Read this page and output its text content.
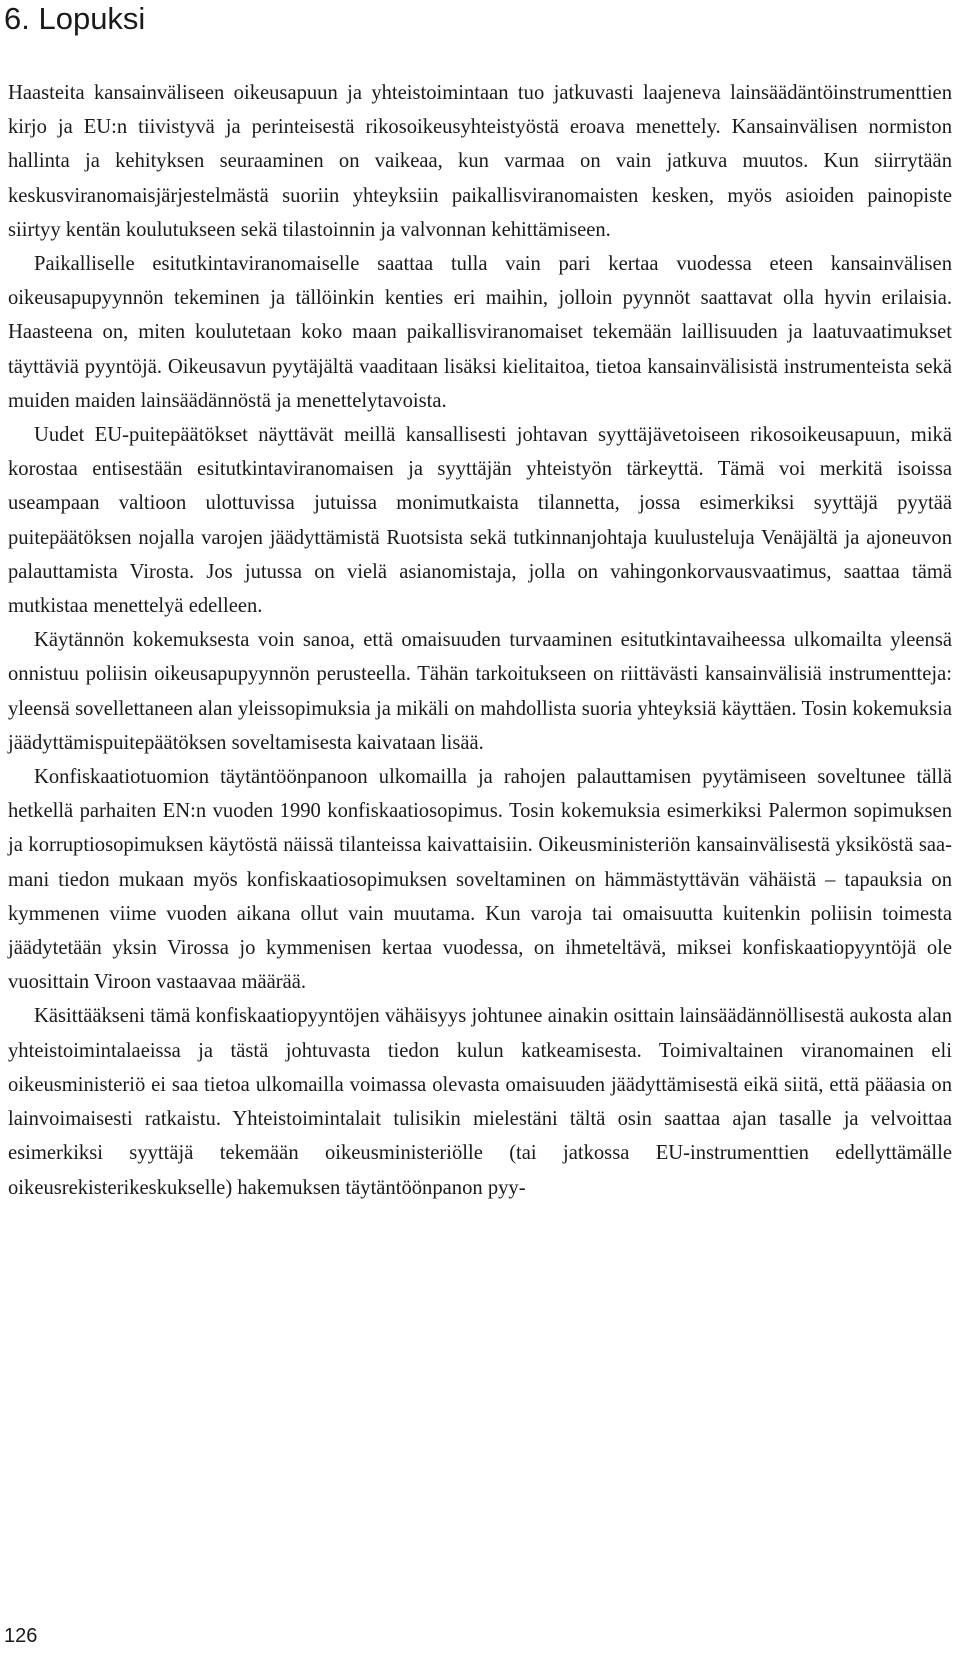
6. Lopuksi

Haasteita kansainväliseen oikeusapuun ja yhteistoimintaan tuo jatkuvasti laajeneva lainsäädäntöinstrumenttien kirjo ja EU:n tiivistyvä ja perinteisestä rikosoikeusyhteistyöstä eroava menettely. Kansainvälisen normiston hallinta ja kehityksen seuraaminen on vaikeaa, kun varmaa on vain jatkuva muutos. Kun siirrytään keskusviranomaisjärjestelmästä suoriin yhteyksiin paikallisviranomaisten kesken, myös asioiden painopiste siirtyy kentän koulutukseen sekä tilastoinnin ja valvonnan kehittämiseen.

Paikalliselle esitutkintaviranomaiselle saattaa tulla vain pari kertaa vuodessa eteen kansainvälisen oikeusapupyynnön tekeminen ja tällöinkin kenties eri maihin, jolloin pyynnöt saattavat olla hyvin erilaisia. Haasteena on, miten koulutetaan koko maan paikallisviranomaiset tekemään laillisuuden ja laatuvaatimukset täyttäviä pyyntöjä. Oikeusavun pyytäjältä vaaditaan lisäksi kielitaitoa, tietoa kansainvälisistä instrumenteista sekä muiden maiden lainsäädännöstä ja menettelytavoista.

Uudet EU-puitepäätökset näyttävät meillä kansallisesti johtavan syyttäjävetoiseen rikosoikeusapuun, mikä korostaa entisestään esitutkintaviranomaisen ja syyttäjän yhteistyön tärkeyttä. Tämä voi merkitä isoissa useampaan valtioon ulottuvissa jutuissa monimutkaista tilannetta, jossa esimerkiksi syyttäjä pyytää puitepäätöksen nojalla varojen jäädyttämistä Ruotsista sekä tutkinnanjohtaja kuulusteluja Venäjältä ja ajoneuvon palauttamista Virosta. Jos jutussa on vielä asianomistaja, jolla on vahingonkorvausvaatimus, saattaa tämä mutkistaa menettelyä edelleen.

Käytännön kokemuksesta voin sanoa, että omaisuuden turvaaminen esitutkintavaiheessa ulkomailta yleensä onnistuu poliisin oikeusapupyynnön perusteella. Tähän tarkoitukseen on riittävästi kansainvälisiä instrumentteja: yleensä sovellettaneen alan yleissopimuksia ja mikäli on mahdollista suoria yhteyksiä käyttäen. Tosin kokemuksia jäädyttämispuitepäätöksen soveltamisesta kaivataan lisää.

Konfiskaatiotuomion täytäntöönpanoon ulkomailla ja rahojen palauttamisen pyytämiseen soveltunee tällä hetkellä parhaiten EN:n vuoden 1990 konfiskaatiosopimus. Tosin kokemuksia esimerkiksi Palermon sopimuksen ja korruptiosopimuksen käytöstä näissä tilanteissa kaivattaisiin. Oikeusministeriön kansainvälisestä yksiköstä saamani tiedon mukaan myös konfiskaatiosopimuksen soveltaminen on hämmästyttävän vähäistä – tapauksia on kymmenen viime vuoden aikana ollut vain muutama. Kun varoja tai omaisuutta kuitenkin poliisin toimesta jäädytetään yksin Virossa jo kymmenisen kertaa vuodessa, on ihmeteltävä, miksei konfiskaatiopyyntöjä ole vuosittain Viroon vastaavaa määrää.

Käsittääkseni tämä konfiskaatiopyyntöjen vähäisyys johtunee ainakin osittain lainsäädännöllisestä aukosta alan yhteistoimintalaeissa ja tästä johtuvasta tiedon kulun katkeamisesta. Toimivaltainen viranomainen eli oikeusministeriö ei saa tietoa ulkomailla voimassa olevasta omaisuuden jäädyttämisestä eikä siitä, että pääasia on lainvoimaisesti ratkaistu. Yhteistoimintalait tulisikin mielestäni tältä osin saattaa ajan tasalle ja velvoittaa esimerkiksi syyttäjä tekemään oikeusministeriölle (tai jatkossa EU-instrumenttien edellyttämälle oikeusrekisterikeskukselle) hakemuksen täytäntöönpanon pyy-

126
